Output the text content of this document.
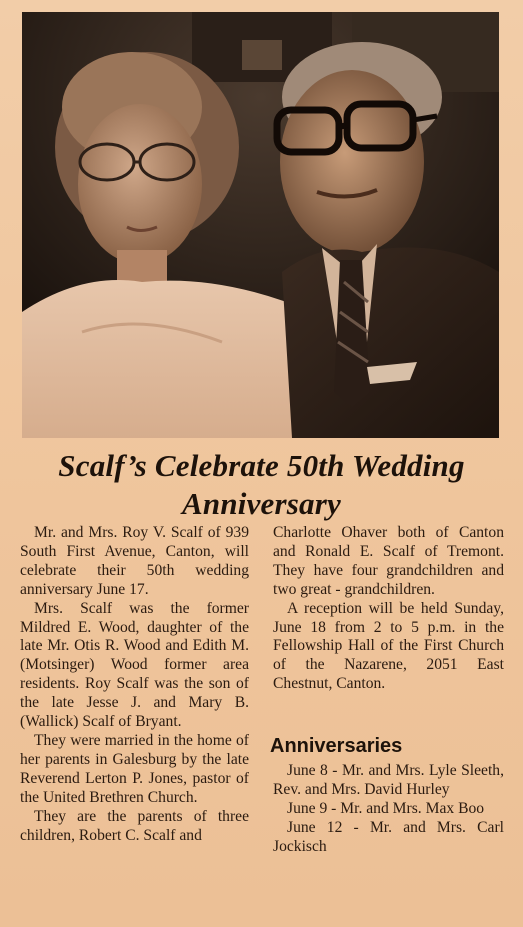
Scalf’s Celebrate 50th Wedding
Anniversary

Mr. and Mrs. Roy V. Scalf of 939 South First Avenue, Canton, will celebrate their 50th wedding anniversary June 17.

Mrs. Scalf was the former Mildred E. Wood, daughter of the late Mr. Otis R. Wood and Edith M. (Motsinger) Wood former area residents. Roy Scalf was the son of the late Jesse J. and Mary B. (Wallick) Scalf of Bryant.

They were married in the home of her parents in Galesburg by the late Reverend Lerton P. Jones, pastor of the United Brethren Church.

They are the parents of three children, Robert C. Scalf and

Charlotte Ohaver both of Canton and Ronald E. Scalf of Tremont. They have four grandchildren and two great - grandchildren.

A reception will be held Sunday, June 18 from 2 to 5 p.m. in the Fellowship Hall of the First Church of the Nazarene, 2051 East Chestnut, Canton.

Anniversaries

June 8 - Mr. and Mrs. Lyle Sleeth, Rev. and Mrs. David Hurley

June 9 - Mr. and Mrs. Max Boo

June 12 - Mr. and Mrs. Carl Jockisch
